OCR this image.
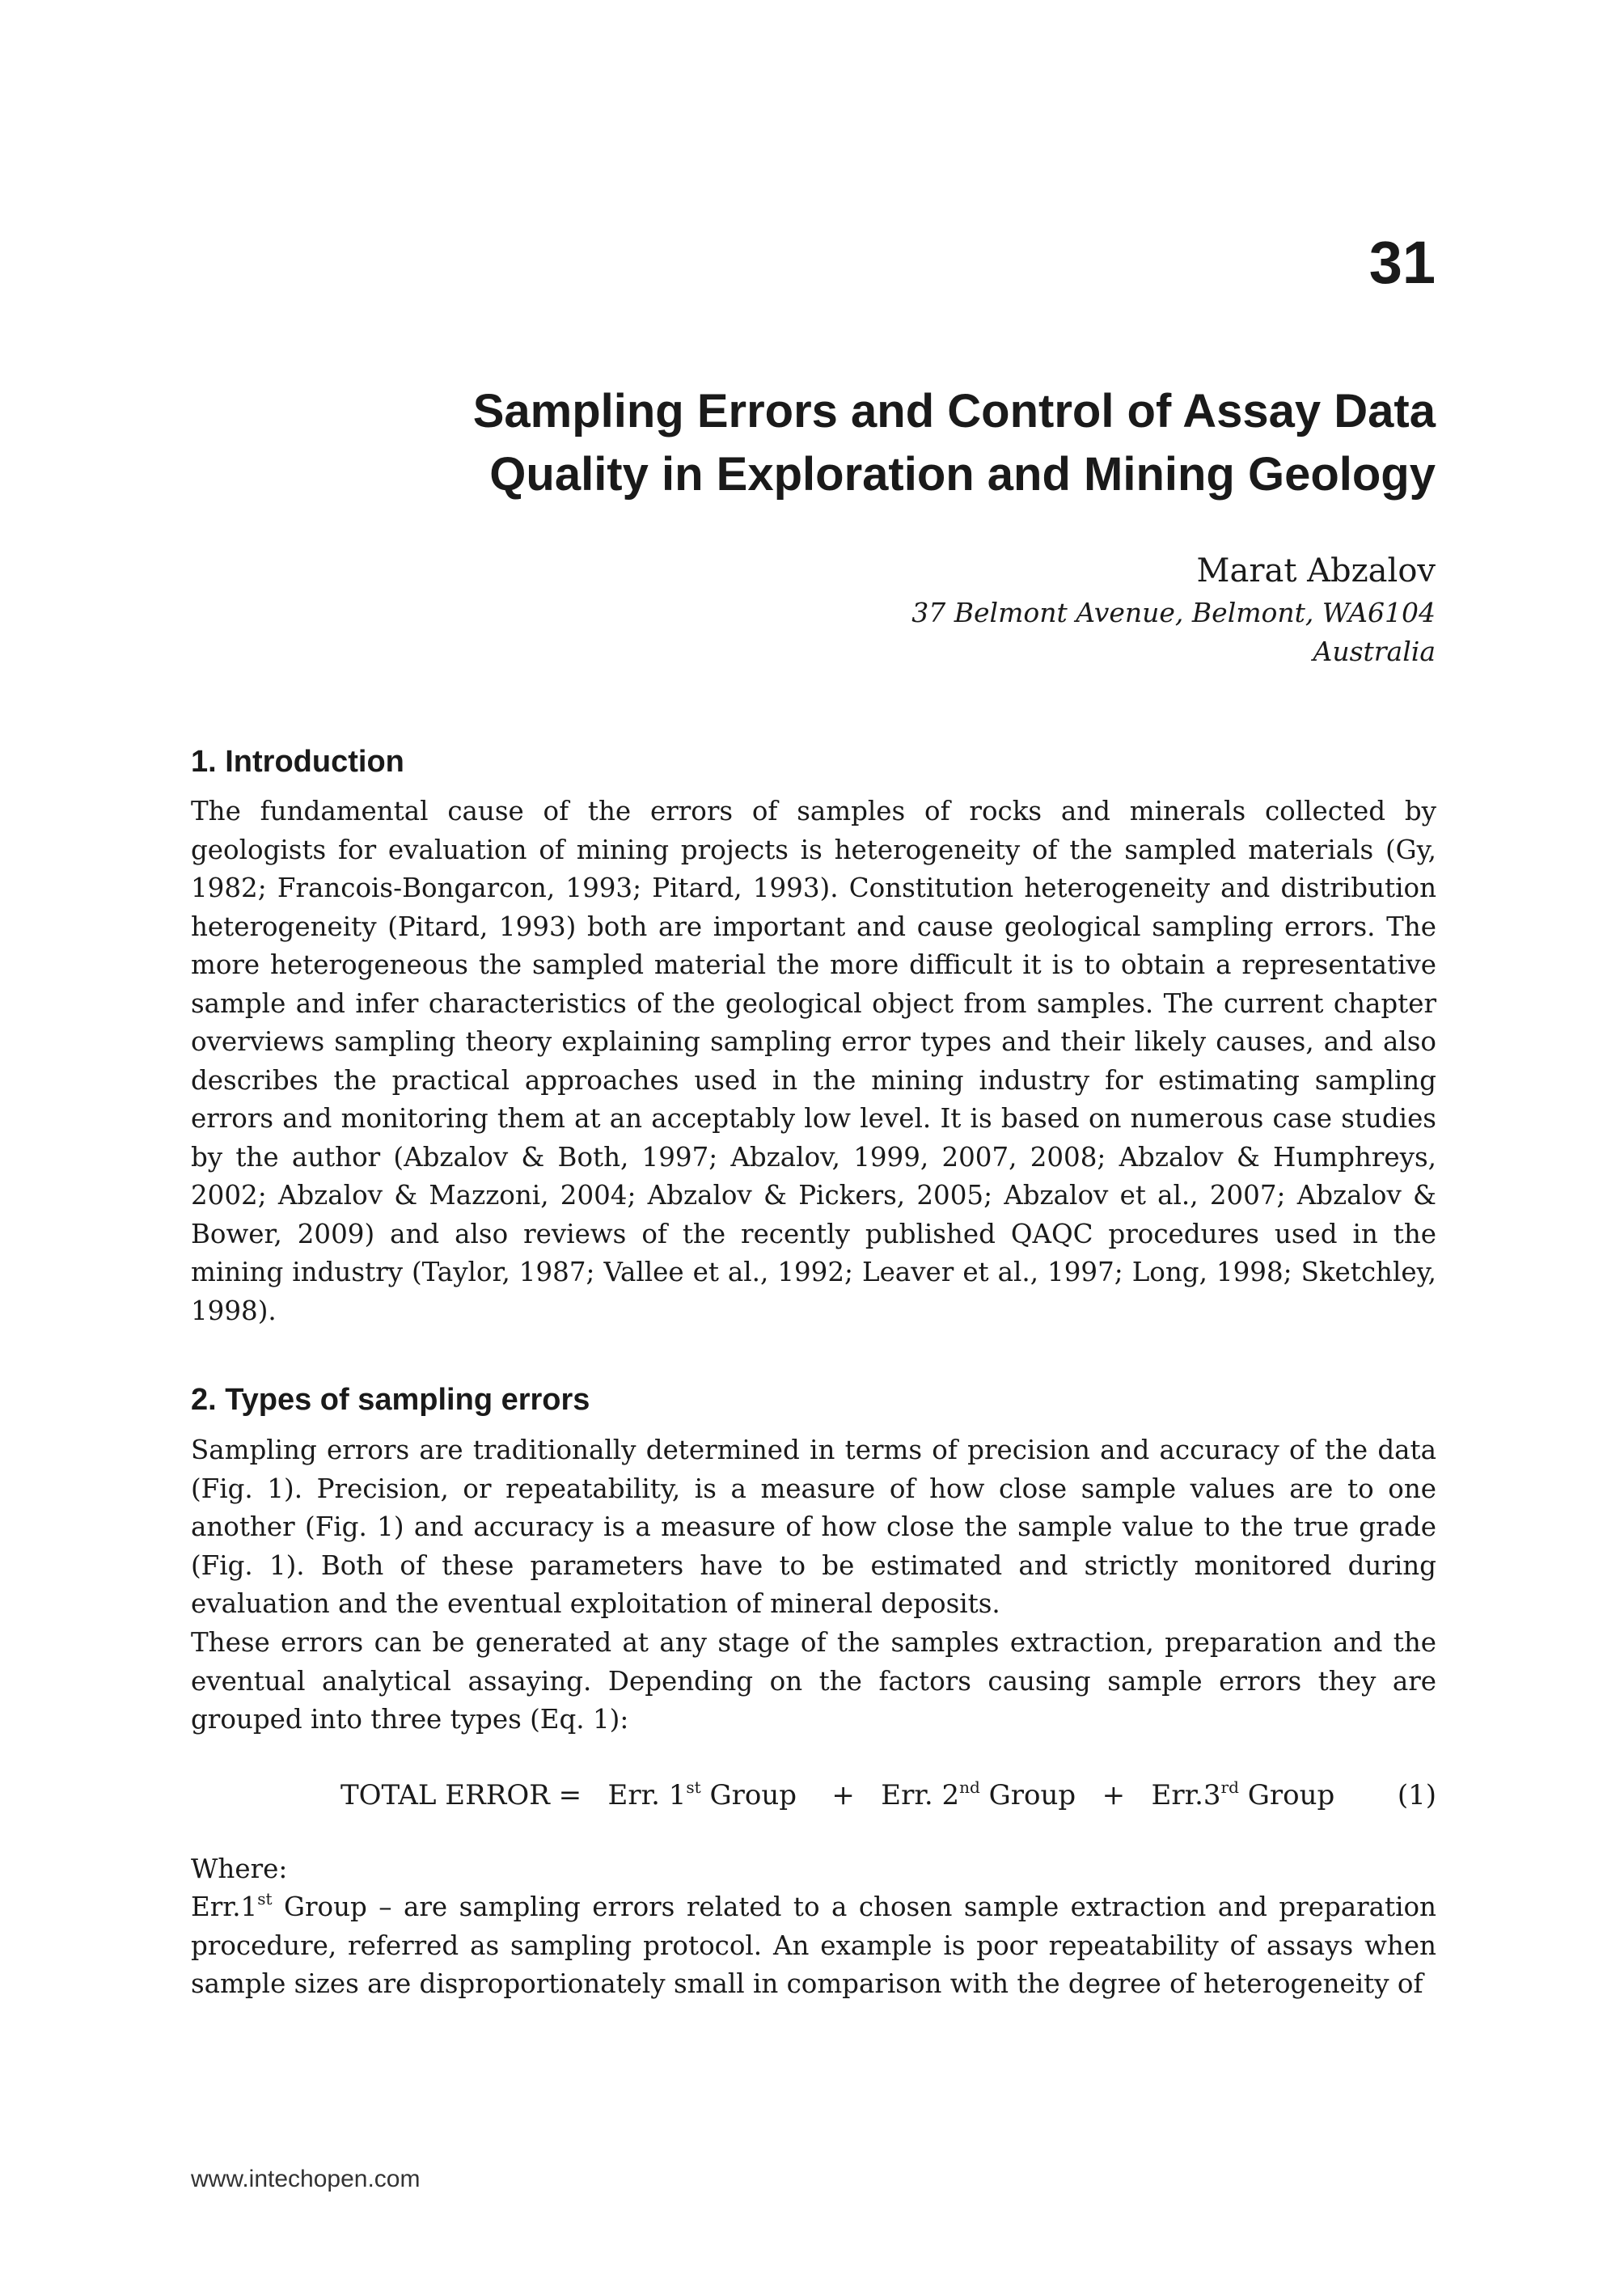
31
Sampling Errors and Control of Assay Data
Quality in Exploration and Mining Geology
Marat Abzalov
37 Belmont Avenue, Belmont, WA6104
Australia
1. Introduction

The fundamental cause of the errors of samples of rocks and minerals collected by geologists for evaluation of mining projects is heterogeneity of the sampled materials (Gy, 1982; Francois-Bongarcon, 1993; Pitard, 1993). Constitution heterogeneity and distribution heterogeneity (Pitard, 1993) both are important and cause geological sampling errors. The more heterogeneous the sampled material the more difficult it is to obtain a representative sample and infer characteristics of the geological object from samples. The current chapter overviews sampling theory explaining sampling error types and their likely causes, and also describes the practical approaches used in the mining industry for estimating sampling errors and monitoring them at an acceptably low level. It is based on numerous case studies by the author (Abzalov & Both, 1997; Abzalov, 1999, 2007, 2008; Abzalov & Humphreys, 2002; Abzalov & Mazzoni, 2004; Abzalov & Pickers, 2005; Abzalov et al., 2007; Abzalov & Bower, 2009) and also reviews of the recently published QAQC procedures used in the mining industry (Taylor, 1987; Vallee et al., 1992; Leaver et al., 1997; Long, 1998; Sketchley, 1998).

2. Types of sampling errors

Sampling errors are traditionally determined in terms of precision and accuracy of the data (Fig. 1). Precision, or repeatability, is a measure of how close sample values are to one another (Fig. 1) and accuracy is a measure of how close the sample value to the true grade (Fig. 1). Both of these parameters have to be estimated and strictly monitored during evaluation and the eventual exploitation of mineral deposits.

These errors can be generated at any stage of the samples extraction, preparation and the eventual analytical assaying. Depending on the factors causing sample errors they are grouped into three types (Eq. 1):

TOTAL ERROR = Err. 1st Group + Err. 2nd Group + Err.3rd Group (1)

Where:

Err.1st Group – are sampling errors related to a chosen sample extraction and preparation procedure, referred as sampling protocol. An example is poor repeatability of assays when sample sizes are disproportionately small in comparison with the degree of heterogeneity of

www.intechopen.com
